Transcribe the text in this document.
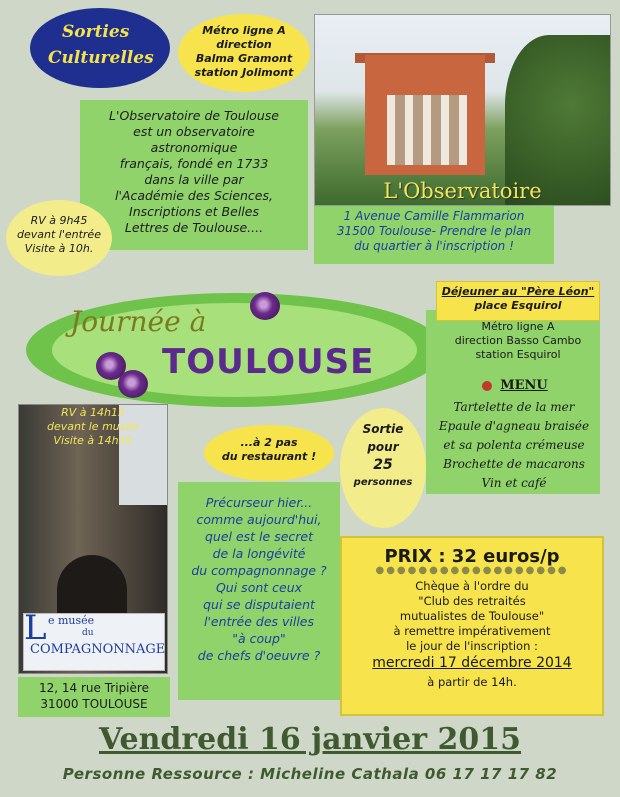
Sorties
Culturelles
Métro ligne A
direction
Balma Gramont
station Jolimont
L'Observatoire
1 Avenue Camille Flammarion
31500 Toulouse- Prendre le plan
du quartier à l'inscription !
L'Observatoire de Toulouse
est un observatoire
astronomique
français, fondé en 1733
dans la ville par
l'Académie des Sciences,
Inscriptions et Belles
Lettres de Toulouse....
RV à 9h45
devant l'entrée
Visite à 10h.
Journée à
TOULOUSE
Déjeuner au "Père Léon"
place Esquirol
Métro ligne A
direction Basso Cambo
station Esquirol
MENU
Tartelette de la mer
Epaule d'agneau braisée
et sa polenta crémeuse
Brochette de macarons
Vin et café
RV à 14h15
devant le musée
Visite à 14h30
L e musée
du
COMPAGNONNAGE
12, 14 rue Tripière
31000 TOULOUSE
...à 2 pas
du restaurant !
Sortie
pour
25
personnes
Précurseur hier...
comme aujourd'hui,
quel est le secret
de la longévité
du compagnonnage ?
Qui sont ceux
qui se disputaient
l'entrée des villes
"à coup"
de chefs d'oeuvre ?
PRIX : 32 euros/p
●●●●●●●●●●●●●●●●●●
Chèque à l'ordre du
"Club des retraités
mutualistes de Toulouse"
à remettre impérativement
le jour de l'inscription :
mercredi 17 décembre 2014
à partir de 14h.
Vendredi 16 janvier 2015
Personne Ressource : Micheline Cathala 06 17 17 17 82
